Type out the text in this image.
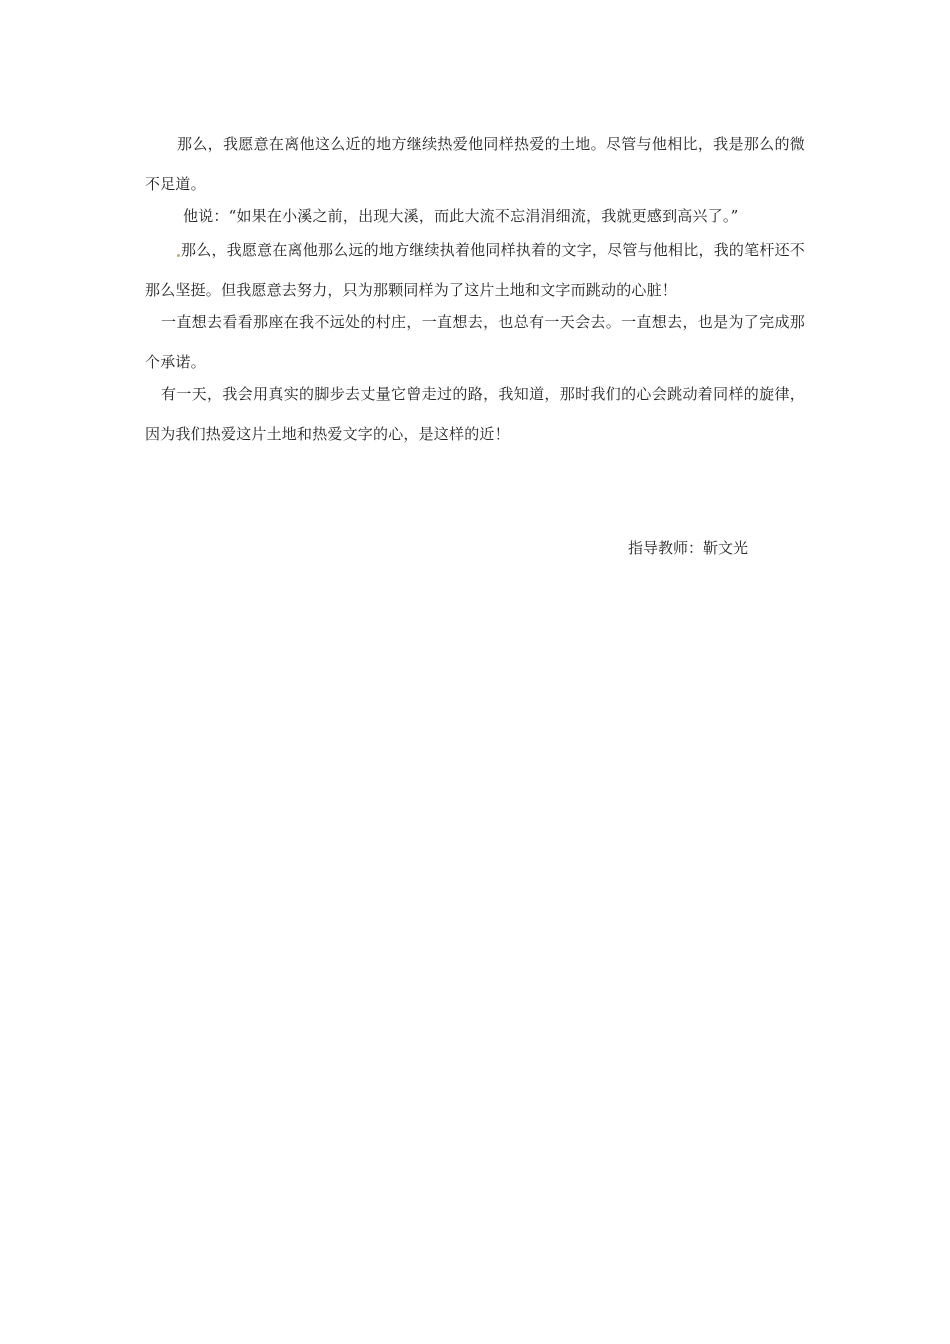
那么，我愿意在离他这么近的地方继续热爱他同样热爱的土地。尽管与他相比，我是那么的微不足道。

他说：“如果在小溪之前，出现大溪，而此大流不忘涓涓细流，我就更感到高兴了。”

那么，我愿意在离他那么远的地方继续执着他同样执着的文字，尽管与他相比，我的笔杆还不那么坚挺。但我愿意去努力，只为那颗同样为了这片土地和文字而跳动的心脏！

一直想去看看那座在我不远处的村庄，一直想去，也总有一天会去。一直想去，也是为了完成那个承诺。

有一天，我会用真实的脚步去丈量它曾走过的路，我知道，那时我们的心会跳动着同样的旋律，因为我们热爱这片土地和热爱文字的心，是这样的近！

指导教师：靳文光
